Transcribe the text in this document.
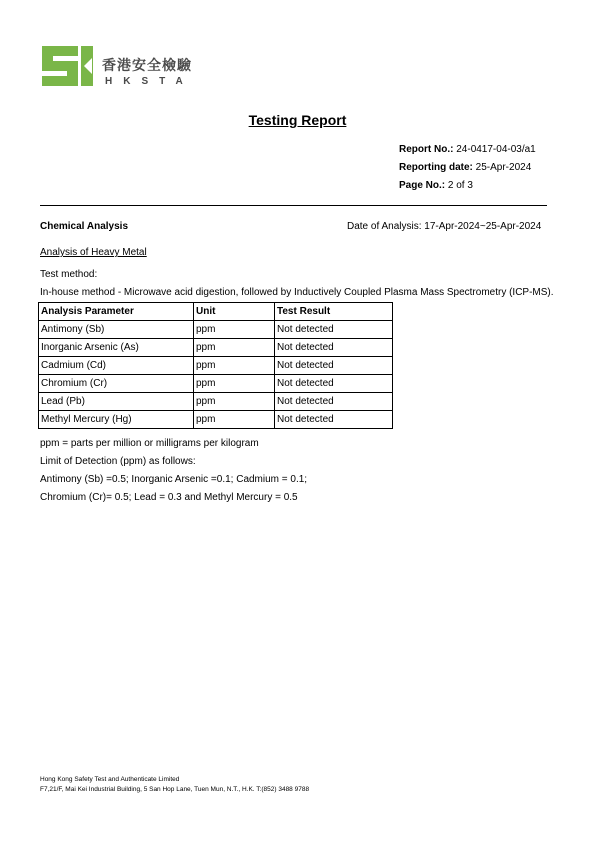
香港安全檢驗
HKSTA
Testing Report
Report No.: 24-0417-04-03/a1
Reporting date: 25-Apr-2024
Page No.: 2 of 3
Chemical Analysis	Date of Analysis: 17-Apr-2024~25-Apr-2024
Analysis of Heavy Metal
Test method:
In-house method - Microwave acid digestion, followed by Inductively Coupled Plasma Mass Spectrometry (ICP-MS).
Analysis Parameter	Unit	Test Result
Antimony (Sb)	ppm	Not detected
Inorganic Arsenic (As)	ppm	Not detected
Cadmium (Cd)	ppm	Not detected
Chromium (Cr)	ppm	Not detected
Lead (Pb)	ppm	Not detected
Methyl Mercury (Hg)	ppm	Not detected
ppm = parts per million or milligrams per kilogram
Limit of Detection (ppm) as follows:
Antimony (Sb) =0.5; Inorganic Arsenic =0.1; Cadmium = 0.1;
Chromium (Cr)= 0.5; Lead = 0.3 and Methyl Mercury = 0.5
Hong Kong Safety Test and Authenticate Limited
F7,21/F, Mai Kei Industrial Building, 5 San Hop Lane, Tuen Mun, N.T., H.K. T:(852) 3488 9788
